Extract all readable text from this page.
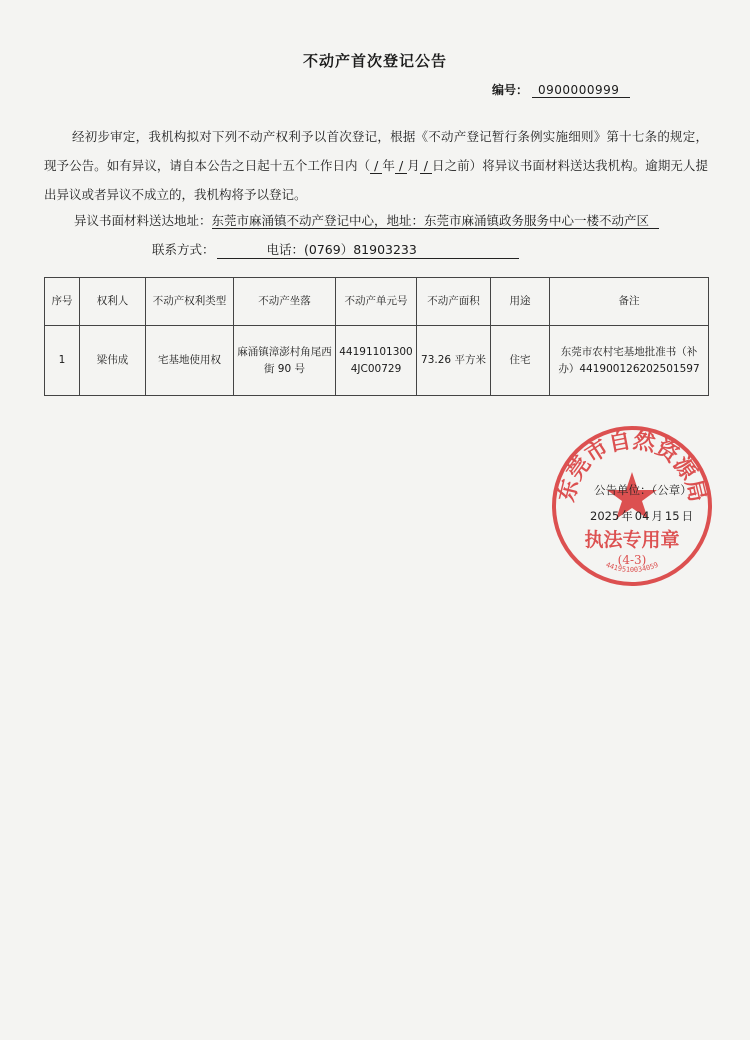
不动产首次登记公告
编号： 0900000999
经初步审定，我机构拟对下列不动产权利予以首次登记，根据《不动产登记暂行条例实施细则》第十七条的规定，现予公告。如有异议，请自本公告之日起十五个工作日内（ / 年 / 月 / 日之前）将异议书面材料送达我机构。逾期无人提出异议或者异议不成立的，我机构将予以登记。
异议书面材料送达地址：东莞市麻涌镇不动产登记中心，地址：东莞市麻涌镇政务服务中心一楼不动产区
联系方式：	电话：(0769）81903233
序号	权利人	不动产权利类型	不动产坐落	不动产单元号	不动产面积	用途	备注
1	梁伟成	宅基地使用权	麻涌镇漳澎村角尾西街 90 号	44191101300 4JC00729	73.26 平方米	住宅	东莞市农村宅基地批准书（补办）441900126202501597
东莞市自然资源局
执法专用章
(4-3)
4419510034059
公告单位：（公章）
2025 年 04 月 15 日
